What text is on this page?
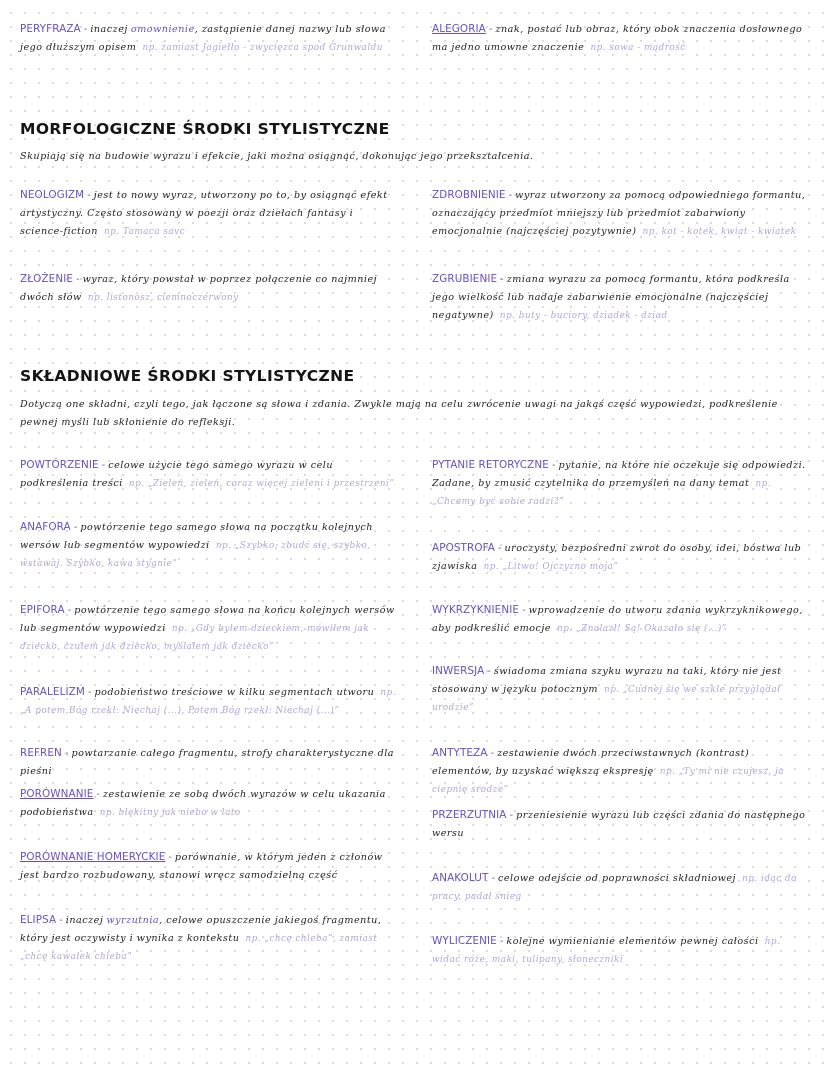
PERYFRAZA - inaczej omownienie, zastąpienie danej nazwy lub słowa jego dłuższym opisem np. zamiast Jagiełło - zwycięzca spod Grunwaldu
ALEGORIA - znak, postać lub obraz, który obok znaczenia dosłownego ma jedno umowne znaczenie np. sowa - mądrość
MORFOLOGICZNE ŚRODKI STYLISTYCZNE
Skupiają się na budowie wyrazu i efekcie, jaki można osiągnąć, dokonując jego przekształcenia.
NEOLOGIZM - jest to nowy wyraz, utworzony po to, by osiągnąć efekt artystyczny. Często stosowany w poezji oraz dziełach fantasy i science-fiction np. Tamaca savc
ZDROBNIENIE - wyraz utworzony za pomocą odpowiedniego formantu, oznaczający przedmiot mniejszy lub przedmiot zabarwiony emocjonalnie (najczęściej pozytywnie) np. kot - kotek, kwiat - kwiatek
ZŁOŻENIE - wyraz, który powstał w poprzez połączenie co najmniej dwóch słów np. listonosz, ciemnoczerwony
ZGRUBIENIE - zmiana wyrazu za pomocą formantu, która podkreśla jego wielkość lub nadaje zabarwienie emocjonalne (najczęściej negatywne) np. buty - buciory, dziadek - dziad
SKŁADNIOWE ŚRODKI STYLISTYCZNE
Dotyczą one składni, czyli tego, jak łączone są słowa i zdania. Zwykle mają na celu zwrócenie uwagi na jakąś część wypowiedzi, podkreślenie pewnej myśli lub skłonienie do refleksji.
POWTÓRZENIE - celowe użycie tego samego wyrazu w celu podkreślenia treści np. „Zieleń, zieleń, coraz więcej zieleni i przestrzeni”
ANAFORA - powtórzenie tego samego słowa na początku kolejnych wersów lub segmentów wypowiedzi np. „Szybko, zbudź się, szybko, wstawaj. Szybko, kawa stygnie”
EPIFORA - powtórzenie tego samego słowa na końcu kolejnych wersów lub segmentów wypowiedzi np. „Gdy byłem dzieckiem, mówiłem jak dziecko, czułem jak dziecko, myślałem jak dziecko”
PARALELIZM - podobieństwo treściowe w kilku segmentach utworu np. „A potem Bóg rzekł: Niechaj (...), Potem Bóg rzekł: Niechaj (...)”
REFREN - powtarzanie całego fragmentu, strofy charakterystyczne dla pieśni
PORÓWNANIE - zestawienie ze sobą dwóch wyrazów w celu ukazania podobieństwa np. błękitny jak niebo w lato
PORÓWNANIE HOMERYCKIE - porównanie, w którym jeden z członów jest bardzo rozbudowany, stanowi wręcz samodzielną część
ELIPSA - inaczej wyrzutnia, celowe opuszczenie jakiegoś fragmentu, który jest oczywisty i wynika z kontekstu np. „chcę chleba”, zamiast „chcę kawałek chleba”
PYTANIE RETORYCZNE - pytanie, na które nie oczekuje się odpowiedzi. Zadane, by zmusić czytelnika do przemyśleń na dany temat np. „Chcemy być sobie radzi?”
APOSTROFA - uroczysty, bezpośredni zwrot do osoby, idei, bóstwa lub zjawiska np. „Litwo! Ojczyzno moja”
WYKRZYKNIENIE - wprowadzenie do utworu zdania wykrzyknikowego, aby podkreślić emocje np. „Znalazł! Są! Okazało się (...)”
INWERSJA - świadoma zmiana szyku wyrazu na taki, który nie jest stosowany w języku potocznym np. „Cudnej się we szkle przyglądał urodzie”
ANTYTEZA - zestawienie dwóch przeciwstawnych (kontrast) elementów, by uzyskać większą ekspresję np. „Ty mi nie czujesz, ja ciepnię srodze”
PRZERZUTNIA - przeniesienie wyrazu lub części zdania do następnego wersu
ANAKOLUT - celowe odejście od poprawności składniowej np. idąc do pracy, padał śnieg
WYLICZENIE - kolejne wymienianie elementów pewnej całości np. widać róże, maki, tulipany, słoneczniki
